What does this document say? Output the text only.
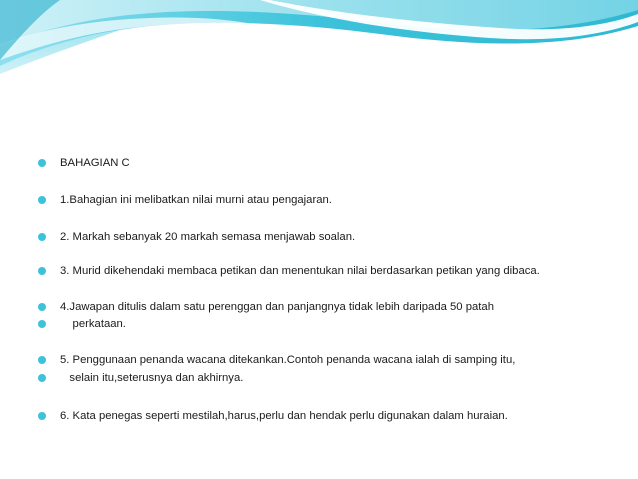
BAHAGIAN C
1.Bahagian ini melibatkan nilai murni atau pengajaran.
2. Markah sebanyak 20 markah semasa menjawab soalan.
3. Murid dikehendaki membaca petikan dan menentukan nilai berdasarkan petikan yang dibaca.
4.Jawapan ditulis dalam satu perenggan dan panjangnya tidak lebih daripada 50 patah
perkataan.
5. Penggunaan penanda wacana ditekankan.Contoh penanda wacana ialah di samping itu,
selain itu,seterusnya dan akhirnya.
6. Kata penegas seperti mestilah,harus,perlu dan hendak perlu digunakan dalam huraian.
